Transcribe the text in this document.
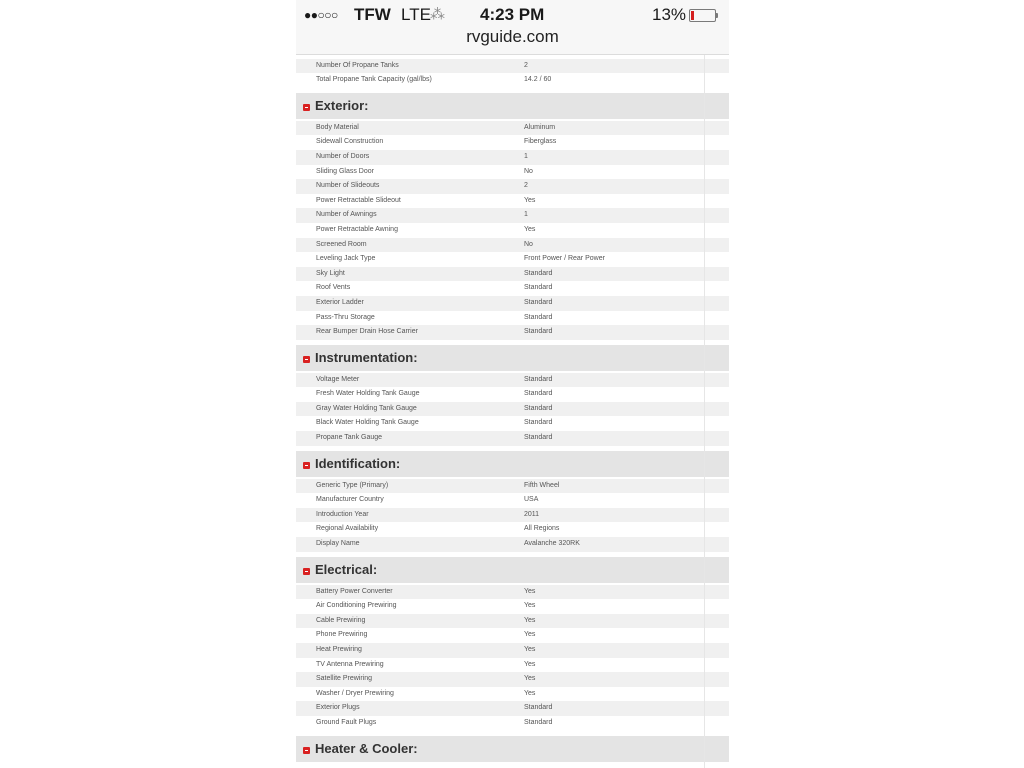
●●○○○ TFW LTE ⁂ 4:23 PM	13%
rvguide.com
Number Of Propane Tanks	2
Total Propane Tank Capacity (gal/lbs)	14.2 / 60
Exterior:
Body Material	Aluminum
Sidewall Construction	Fiberglass
Number of Doors	1
Sliding Glass Door	No
Number of Slideouts	2
Power Retractable Slideout	Yes
Number of Awnings	1
Power Retractable Awning	Yes
Screened Room	No
Leveling Jack Type	Front Power / Rear Power
Sky Light	Standard
Roof Vents	Standard
Exterior Ladder	Standard
Pass-Thru Storage	Standard
Rear Bumper Drain Hose Carrier	Standard
Instrumentation:
Voltage Meter	Standard
Fresh Water Holding Tank Gauge	Standard
Gray Water Holding Tank Gauge	Standard
Black Water Holding Tank Gauge	Standard
Propane Tank Gauge	Standard
Identification:
Generic Type (Primary)	Fifth Wheel
Manufacturer Country	USA
Introduction Year	2011
Regional Availability	All Regions
Display Name	Avalanche 320RK
Electrical:
Battery Power Converter	Yes
Air Conditioning Prewiring	Yes
Cable Prewiring	Yes
Phone Prewiring	Yes
Heat Prewiring	Yes
TV Antenna Prewiring	Yes
Satellite Prewiring	Yes
Washer / Dryer Prewiring	Yes
Exterior Plugs	Standard
Ground Fault Plugs	Standard
Heater & Cooler:
